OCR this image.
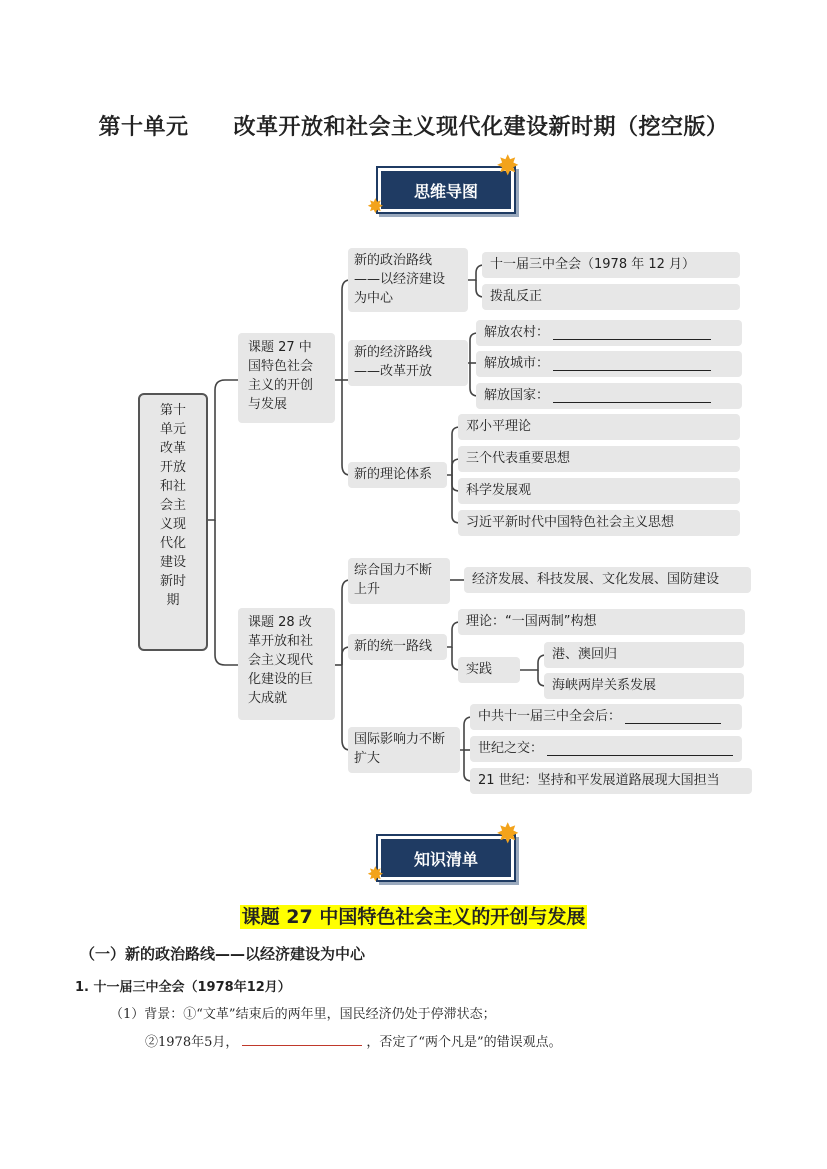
第十单元　　改革开放和社会主义现代化建设新时期（挖空版）
思维导图
✸
✸
第十
单元
改革
开放
和社
会主
义现
代化
建设
新时
期
课题 27 中
国特色社会
主义的开创
与发展
课题 28 改
革开放和社
会主义现代
化建设的巨
大成就
新的政治路线
——以经济建设
为中心
新的经济路线
——改革开放
新的理论体系
十一届三中全会（1978 年 12 月）
拨乱反正
解放农村：
解放城市：
解放国家：
邓小平理论
三个代表重要思想
科学发展观
习近平新时代中国特色社会主义思想
综合国力不断
上升
新的统一路线
国际影响力不断
扩大
经济发展、科技发展、文化发展、国防建设
理论：“一国两制”构想
实践
港、澳回归
海峡两岸关系发展
中共十一届三中全会后：
世纪之交：
21 世纪：坚持和平发展道路展现大国担当
知识清单
✸
✸
课题 27 中国特色社会主义的开创与发展
（一）新的政治路线——以经济建设为中心
1. 十一届三中全会（1978年12月）
（1）背景：①“文革”结束后的两年里，国民经济仍处于停滞状态；
②1978年5月，	，否定了“两个凡是”的错误观点。
